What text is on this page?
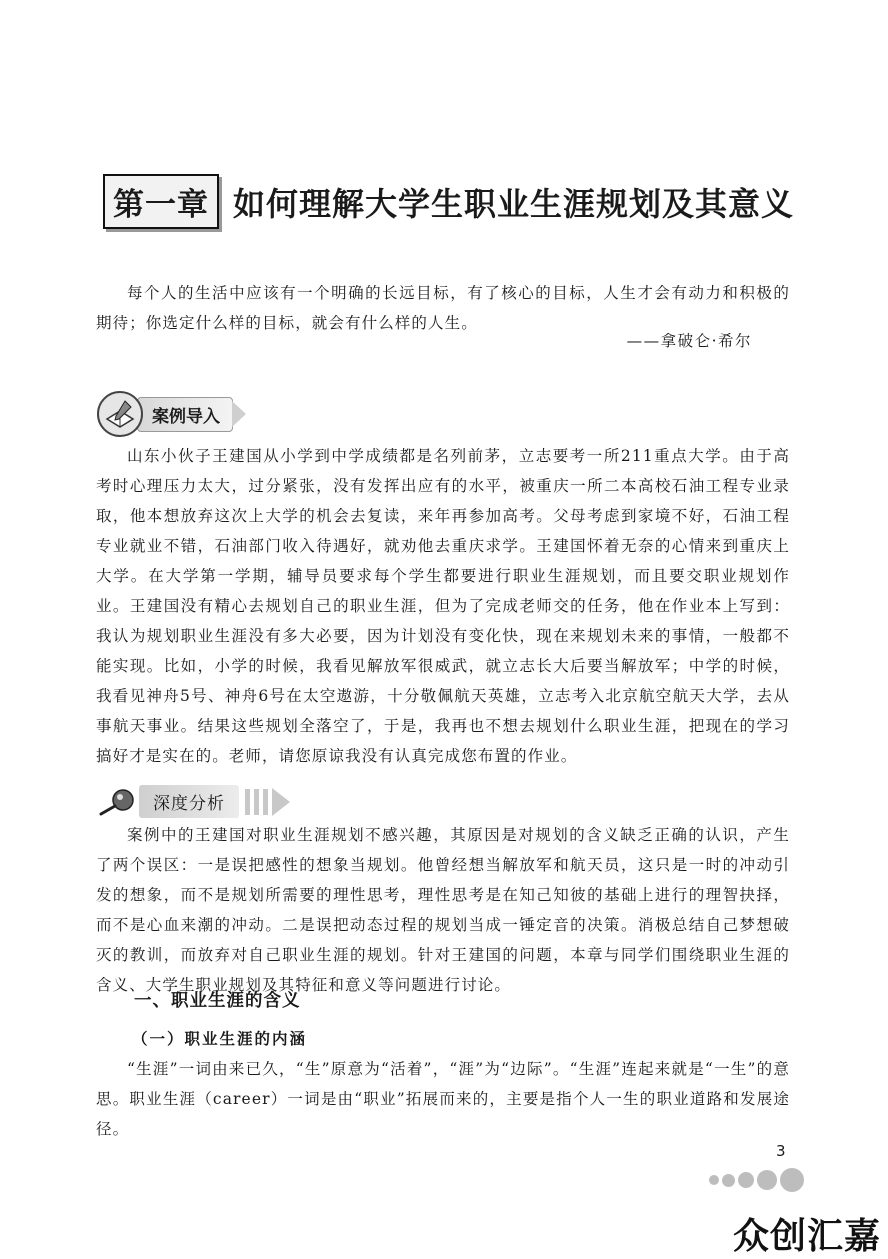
第一章 如何理解大学生职业生涯规划及其意义

每个人的生活中应该有一个明确的长远目标，有了核心的目标，人生才会有动力和积极的期待；你选定什么样的目标，就会有什么样的人生。

——拿破仑·希尔
案例导入

山东小伙子王建国从小学到中学成绩都是名列前茅，立志要考一所211重点大学。由于高考时心理压力太大，过分紧张，没有发挥出应有的水平，被重庆一所二本高校石油工程专业录取，他本想放弃这次上大学的机会去复读，来年再参加高考。父母考虑到家境不好，石油工程专业就业不错，石油部门收入待遇好，就劝他去重庆求学。王建国怀着无奈的心情来到重庆上大学。在大学第一学期，辅导员要求每个学生都要进行职业生涯规划，而且要交职业规划作业。王建国没有精心去规划自己的职业生涯，但为了完成老师交的任务，他在作业本上写到：我认为规划职业生涯没有多大必要，因为计划没有变化快，现在来规划未来的事情，一般都不能实现。比如，小学的时候，我看见解放军很威武，就立志长大后要当解放军；中学的时候，我看见神舟5号、神舟6号在太空遨游，十分敬佩航天英雄，立志考入北京航空航天大学，去从事航天事业。结果这些规划全落空了，于是，我再也不想去规划什么职业生涯，把现在的学习搞好才是实在的。老师，请您原谅我没有认真完成您布置的作业。

深度分析

案例中的王建国对职业生涯规划不感兴趣，其原因是对规划的含义缺乏正确的认识，产生了两个误区：一是误把感性的想象当规划。他曾经想当解放军和航天员，这只是一时的冲动引发的想象，而不是规划所需要的理性思考，理性思考是在知己知彼的基础上进行的理智抉择，而不是心血来潮的冲动。二是误把动态过程的规划当成一锤定音的决策。消极总结自己梦想破灭的教训，而放弃对自己职业生涯的规划。针对王建国的问题，本章与同学们围绕职业生涯的含义、大学生职业规划及其特征和意义等问题进行讨论。

一、职业生涯的含义
（一）职业生涯的内涵

“生涯”一词由来已久，“生”原意为“活着”，“涯”为“边际”。“生涯”连起来就是“一生”的意思。职业生涯（career）一词是由“职业”拓展而来的，主要是指个人一生的职业道路和发展途径。

3
众创汇嘉
